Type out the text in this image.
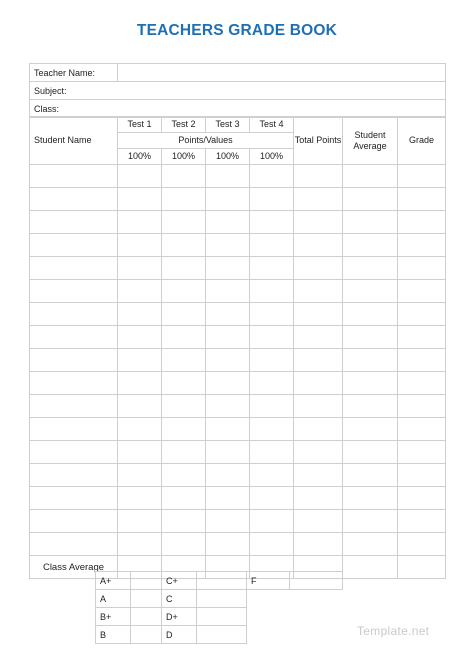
TEACHERS GRADE BOOK
Teacher Name:	
Subject:
Class:
Student Name	Test 1	Test 2	Test 3	Test 4	Total Points	Student Average	Grade
	Points/Values						
	100%	100%	100%	100%			

Class Average							
A+		C+		F	
A		C			
B+		D+			
B		D				Template.net
